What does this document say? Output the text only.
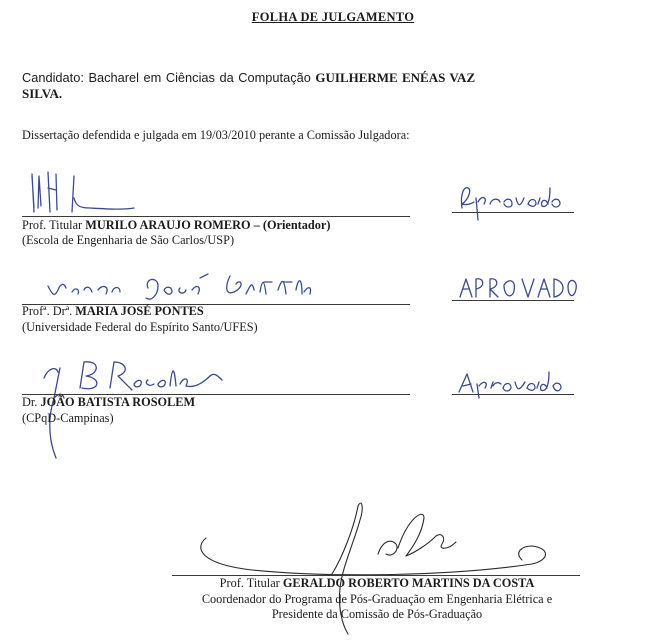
FOLHA DE JULGAMENTO
Candidato: Bacharel em Ciências da Computação GUILHERME ENÉAS VAZ
SILVA.
Dissertação defendida e julgada em 19/03/2010 perante a Comissão Julgadora:
Prof. Titular MURILO ARAUJO ROMERO – (Orientador)
(Escola de Engenharia de São Carlos/USP)
Profª. Drª. MARIA JOSÉ PONTES
(Universidade Federal do Espírito Santo/UFES)
Dr. JOÃO BATISTA ROSOLEM
(CPqD-Campinas)
Prof. Titular GERALDO ROBERTO MARTINS DA COSTA
Coordenador do Programa de Pós-Graduação em Engenharia Elétrica e
Presidente da Comissão de Pós-Graduação
